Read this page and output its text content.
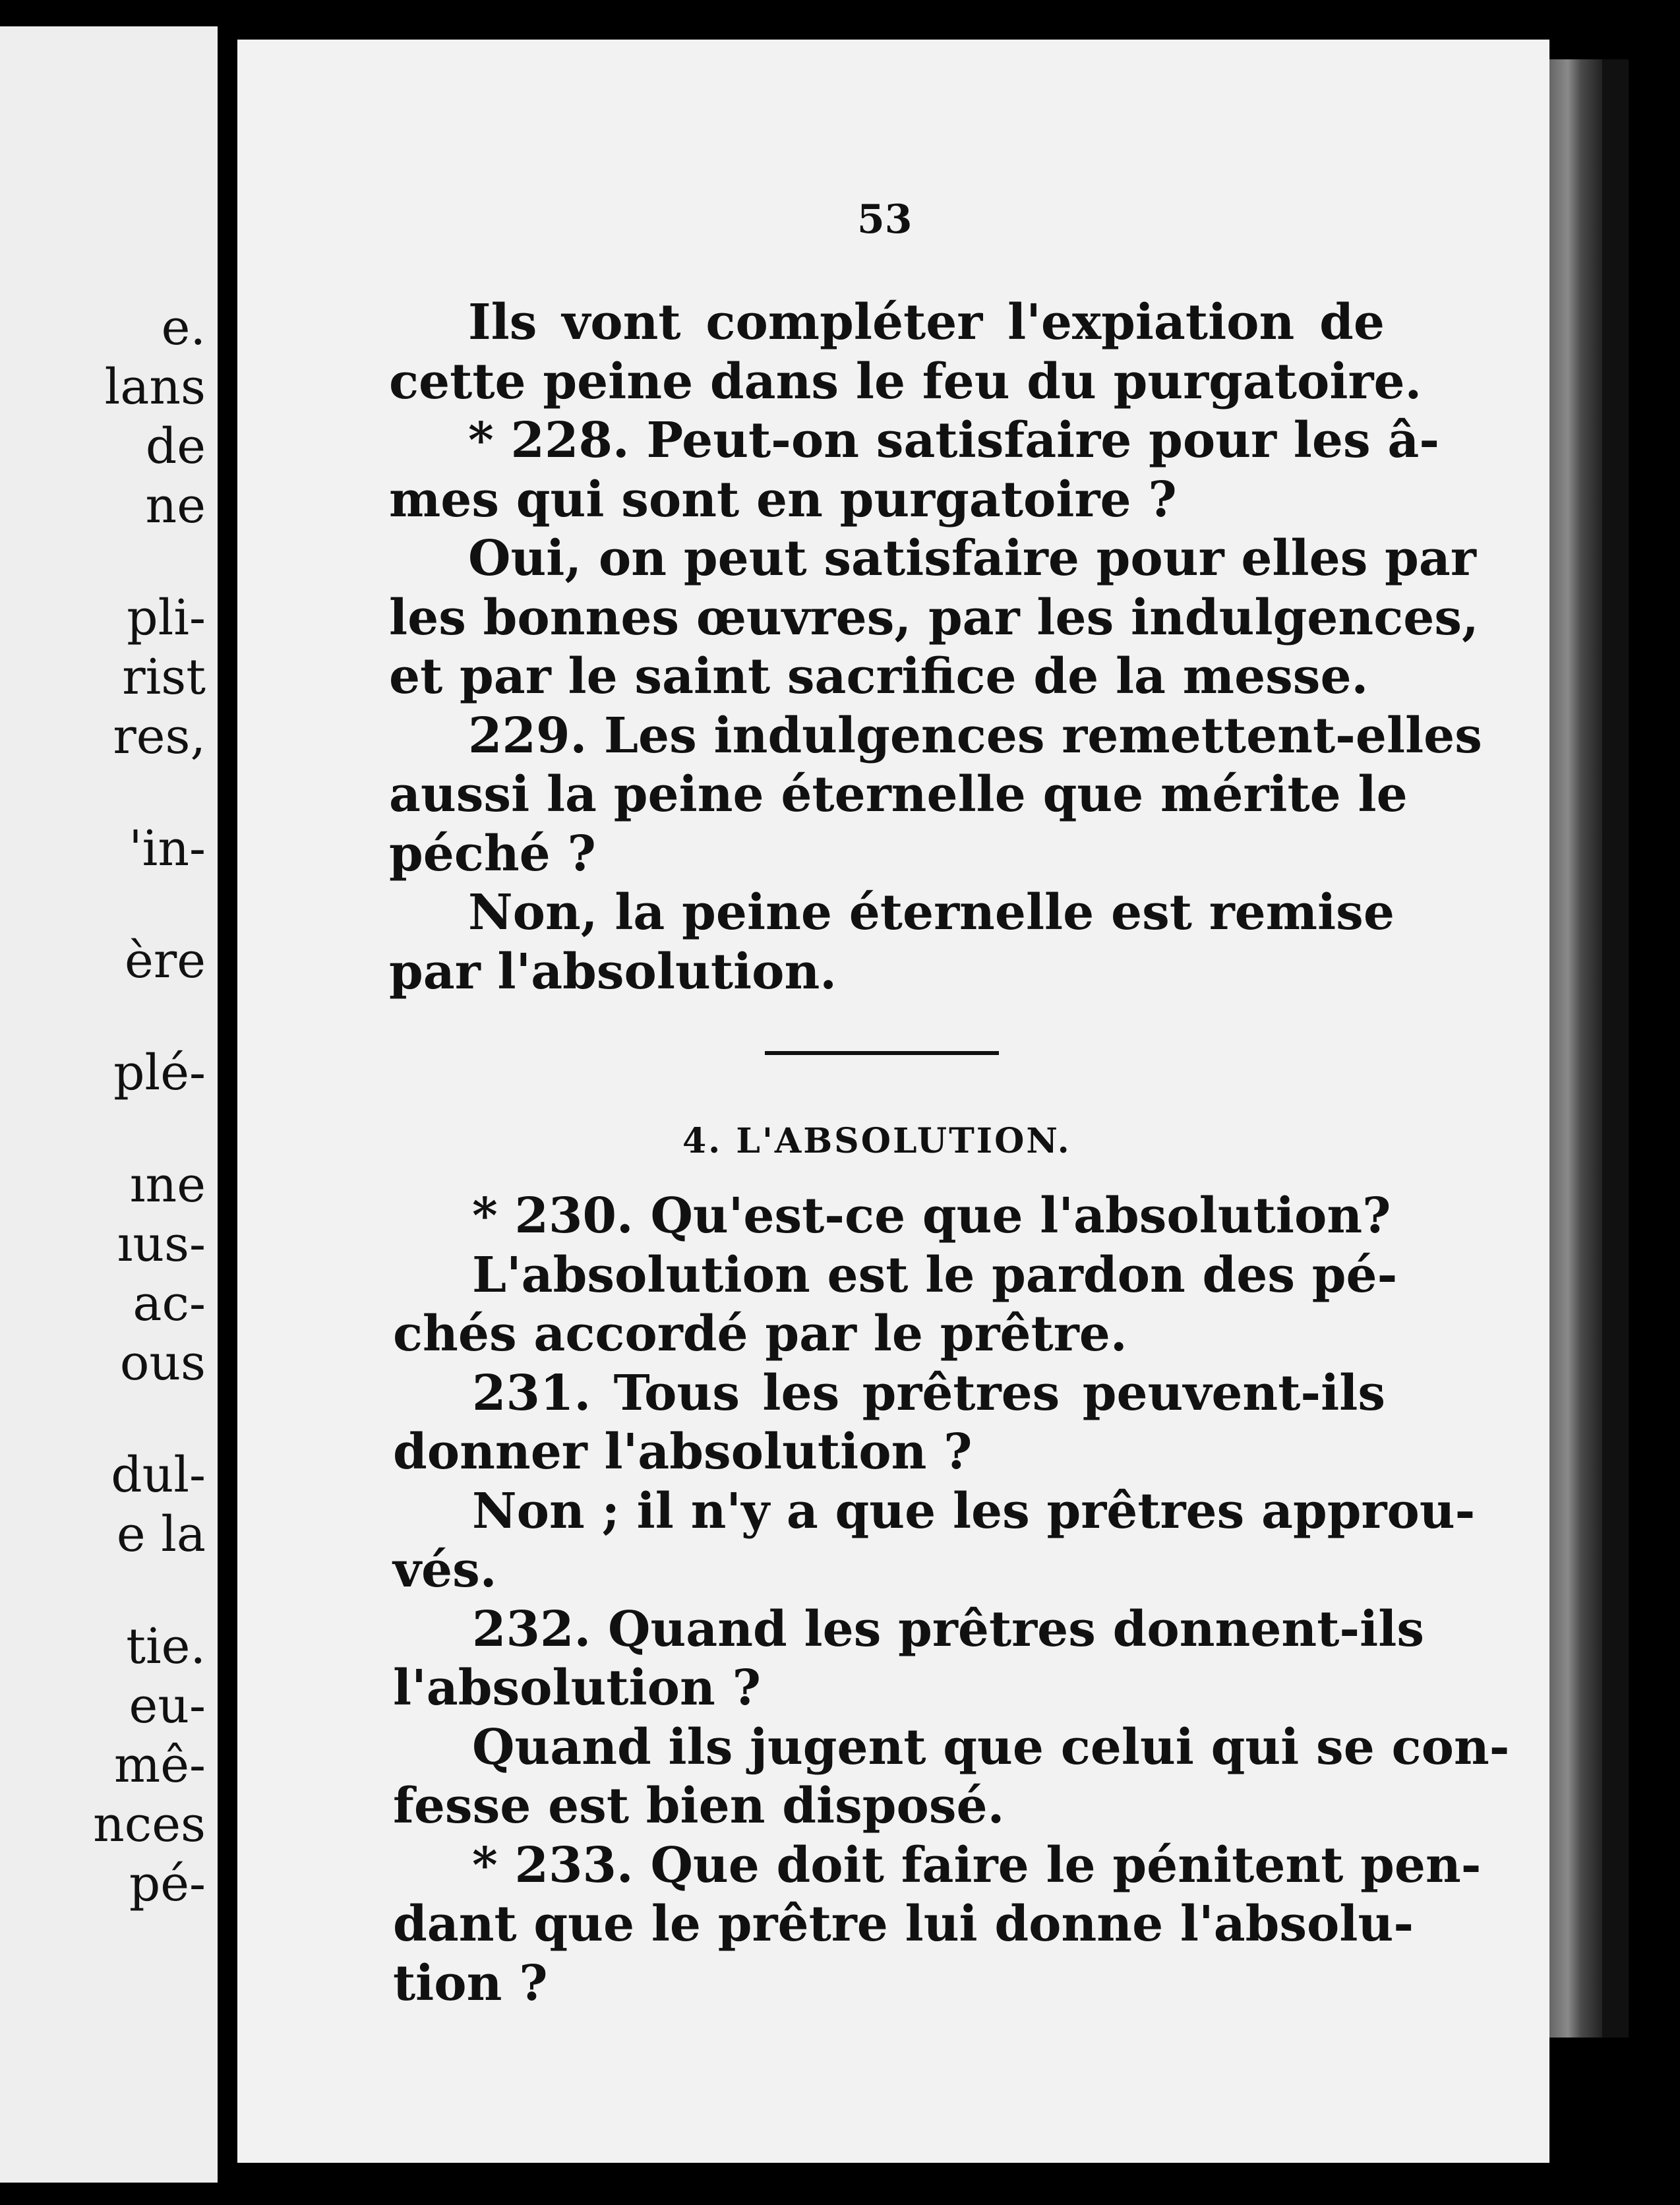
e.
lans
de
ne
pli-
rist
res,
'in-
ère
plé-
ıne
ıus-
ac-
ous
dul-
e la
tie.
eu-
mê-
nces
pé-
53
Ils vont compléter l'expiation de
cette peine dans le feu du purgatoire.
* 228. Peut-on satisfaire pour les â-
mes qui sont en purgatoire ?
Oui, on peut satisfaire pour elles par
les bonnes œuvres, par les indulgences,
et par le saint sacrifice de la messe.
229. Les indulgences remettent-elles
aussi la peine éternelle que mérite le
péché ?
Non, la peine éternelle est remise
par l'absolution.
4. L'ABSOLUTION.
* 230. Qu'est-ce que l'absolution?
L'absolution est le pardon des pé-
chés accordé par le prêtre.
231. Tous les prêtres peuvent-ils
donner l'absolution ?
Non ; il n'y a que les prêtres approu-
vés.
232. Quand les prêtres donnent-ils
l'absolution ?
Quand ils jugent que celui qui se con-
fesse est bien disposé.
* 233. Que doit faire le pénitent pen-
dant que le prêtre lui donne l'absolu-
tion ?
